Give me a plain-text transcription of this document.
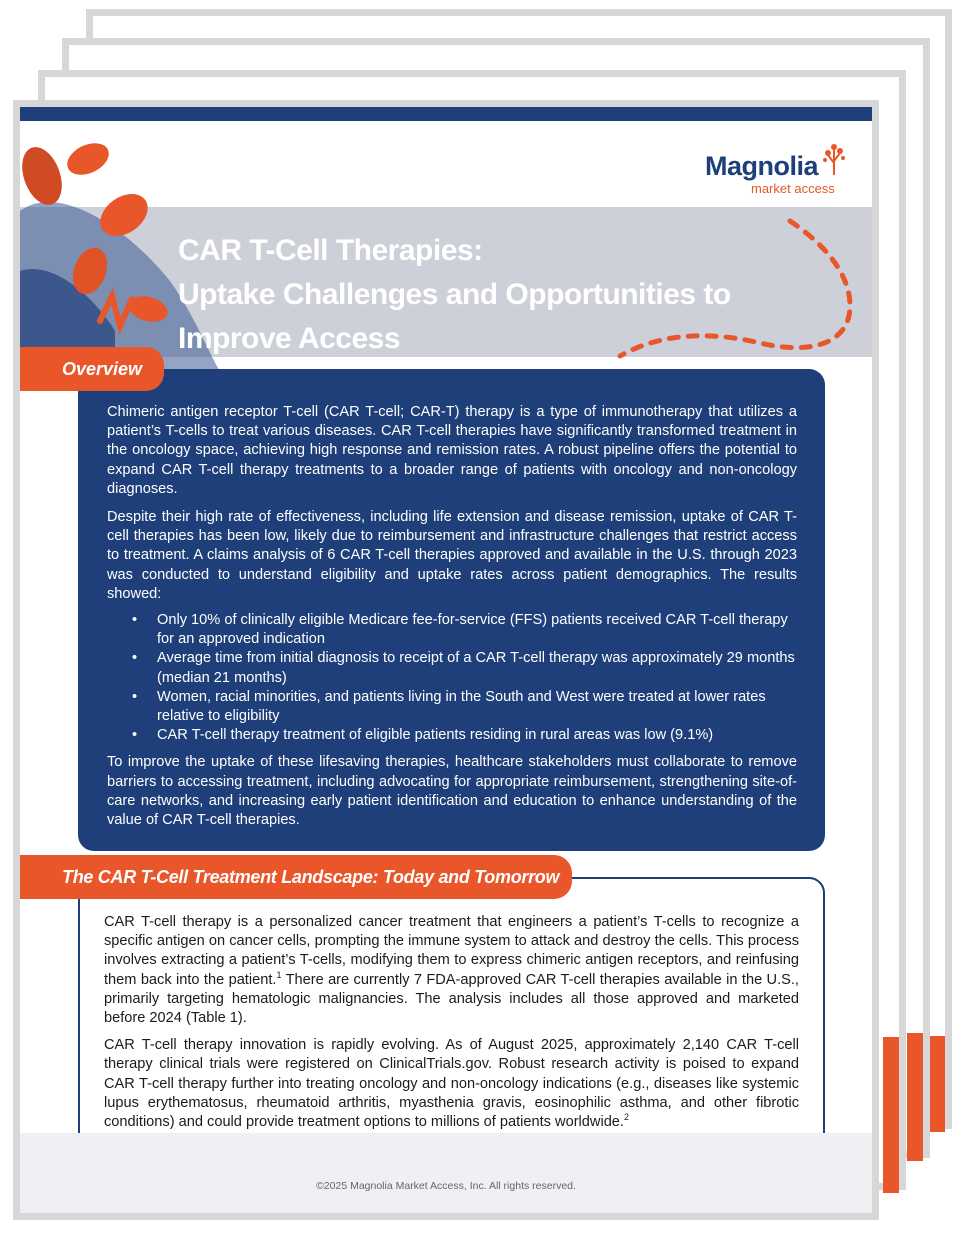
Magnolia
market access
CAR T-Cell Therapies:
Uptake Challenges and Opportunities to
Improve Access

Chimeric antigen receptor T-cell (CAR T-cell; CAR-T) therapy is a type of immunotherapy that utilizes a patient’s T-cells to treat various diseases. CAR T-cell therapies have significantly transformed treatment in the oncology space, achieving high response and remission rates. A robust pipeline offers the potential to expand CAR T-cell therapy treatments to a broader range of patients with oncology and non-oncology diagnoses.

Despite their high rate of effectiveness, including life extension and disease remission, uptake of CAR T-cell therapies has been low, likely due to reimbursement and infrastructure challenges that restrict access to treatment. A claims analysis of 6 CAR T-cell therapies approved and available in the U.S. through 2023 was conducted to understand eligibility and uptake rates across patient demographics. The results showed:

• Only 10% of clinically eligible Medicare fee-for-service (FFS) patients received CAR T-cell therapy for an approved indication
• Average time from initial diagnosis to receipt of a CAR T-cell therapy was approximately 29 months (median 21 months)
• Women, racial minorities, and patients living in the South and West were treated at lower rates relative to eligibility
• CAR T-cell therapy treatment of eligible patients residing in rural areas was low (9.1%)

To improve the uptake of these lifesaving therapies, healthcare stakeholders must collaborate to remove barriers to accessing treatment, including advocating for appropriate reimbursement, strengthening site-of-care networks, and increasing early patient identification and education to enhance understanding of the value of CAR T-cell therapies.

Overview

CAR T-cell therapy is a personalized cancer treatment that engineers a patient’s T-cells to recognize a specific antigen on cancer cells, prompting the immune system to attack and destroy the cells. This process involves extracting a patient’s T-cells, modifying them to express chimeric antigen receptors, and reinfusing them back into the patient.$^1$ There are currently 7 FDA-approved CAR T-cell therapies available in the U.S., primarily targeting hematologic malignancies. The analysis includes all those approved and marketed before 2024 (Table 1).

CAR T-cell therapy innovation is rapidly evolving. As of August 2025, approximately 2,140 CAR T-cell therapy clinical trials were registered on ClinicalTrials.gov. Robust research activity is poised to expand CAR T-cell therapy further into treating oncology and non-oncology indications (e.g., diseases like systemic lupus erythematosus, rheumatoid arthritis, myasthenia gravis, eosinophilic asthma, and other fibrotic conditions) and could provide treatment options to millions of patients worldwide.$^2$

The CAR T-Cell Treatment Landscape: Today and Tomorrow
©2025 Magnolia Market Access, Inc. All rights reserved.
